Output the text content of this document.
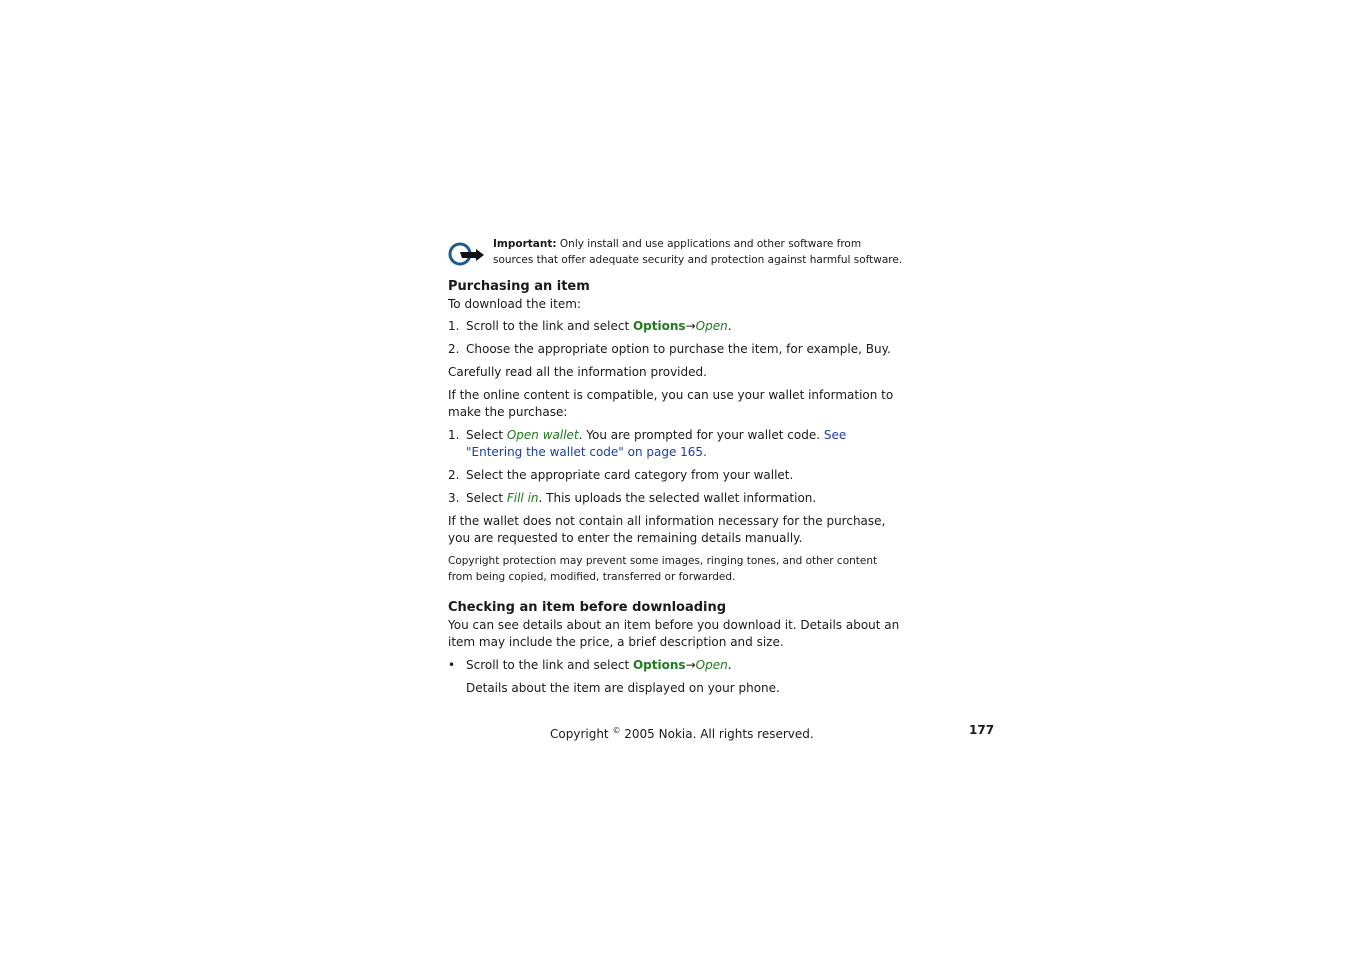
Important: Only install and use applications and other software from sources that offer adequate security and protection against harmful software.
Purchasing an item

To download the item:

1. Scroll to the link and select Options→Open.
2. Choose the appropriate option to purchase the item, for example, Buy.

Carefully read all the information provided.

If the online content is compatible, you can use your wallet information to make the purchase:

1. Select Open wallet. You are prompted for your wallet code. See "Entering the wallet code" on page 165.
2. Select the appropriate card category from your wallet.
3. Select Fill in. This uploads the selected wallet information.

If the wallet does not contain all information necessary for the purchase, you are requested to enter the remaining details manually.

Copyright protection may prevent some images, ringing tones, and other content from being copied, modified, transferred or forwarded.

Checking an item before downloading

You can see details about an item before you download it. Details about an item may include the price, a brief description and size.

• Scroll to the link and select Options→Open.

Details about the item are displayed on your phone.

Copyright © 2005 Nokia. All rights reserved.	177
